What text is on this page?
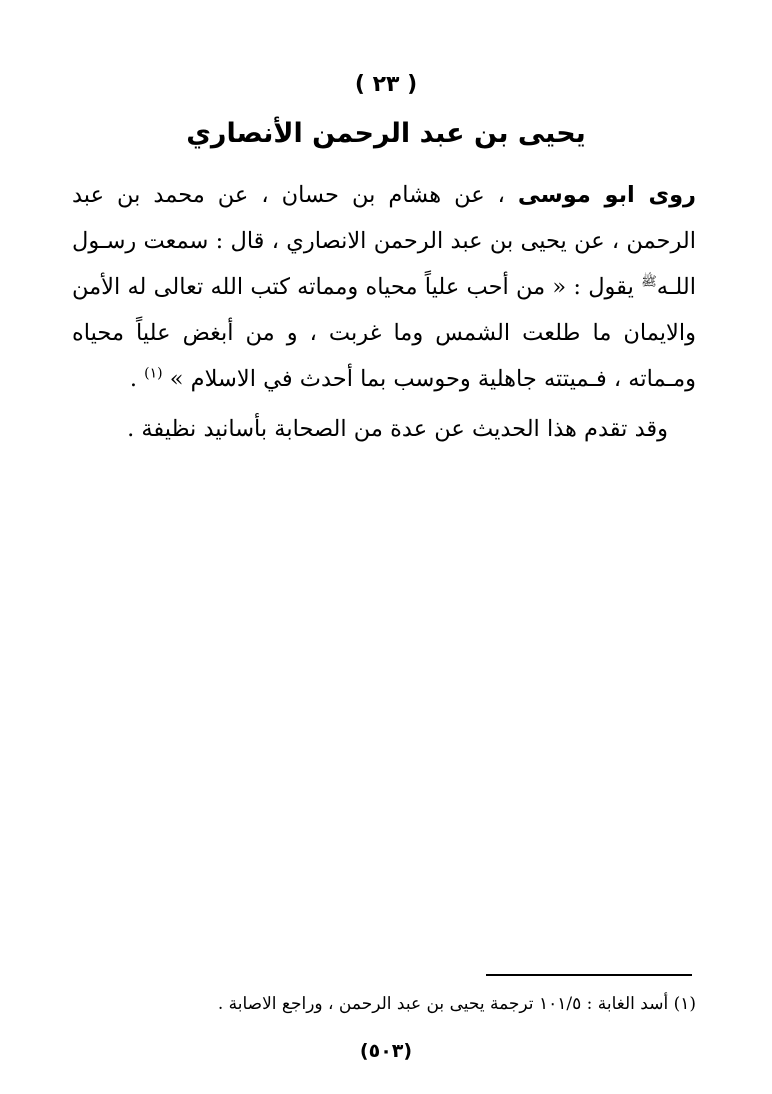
( ٢٣ )
يحيى بن عبد الرحمن الأنصاري

روى ابو موسى ، عن هشام بن حسان ، عن محمد بن عبد الرحمن ، عن يحيى بن عبد الرحمن الانصاري ، قال : سمعت رسـول اللـه$^ﷺ$ يقول : « من أحب علياً محياه ومماته كتب الله تعالى له الأمن والايمان ما طلعت الشمس وما غربت ، و من أبغض علياً محياه ومـماته ، فـميتته جاهلية وحوسب بما أحدث في الاسلام » $^{(١)}$ .

وقد تقدم هذا الحديث عن عدة من الصحابة بأسانيد نظيفة .

(١) أسد الغابة : ١٠١/٥ ترجمة يحيى بن عبد الرحمن ، وراجع الاصابة .
(٥٠٣)
